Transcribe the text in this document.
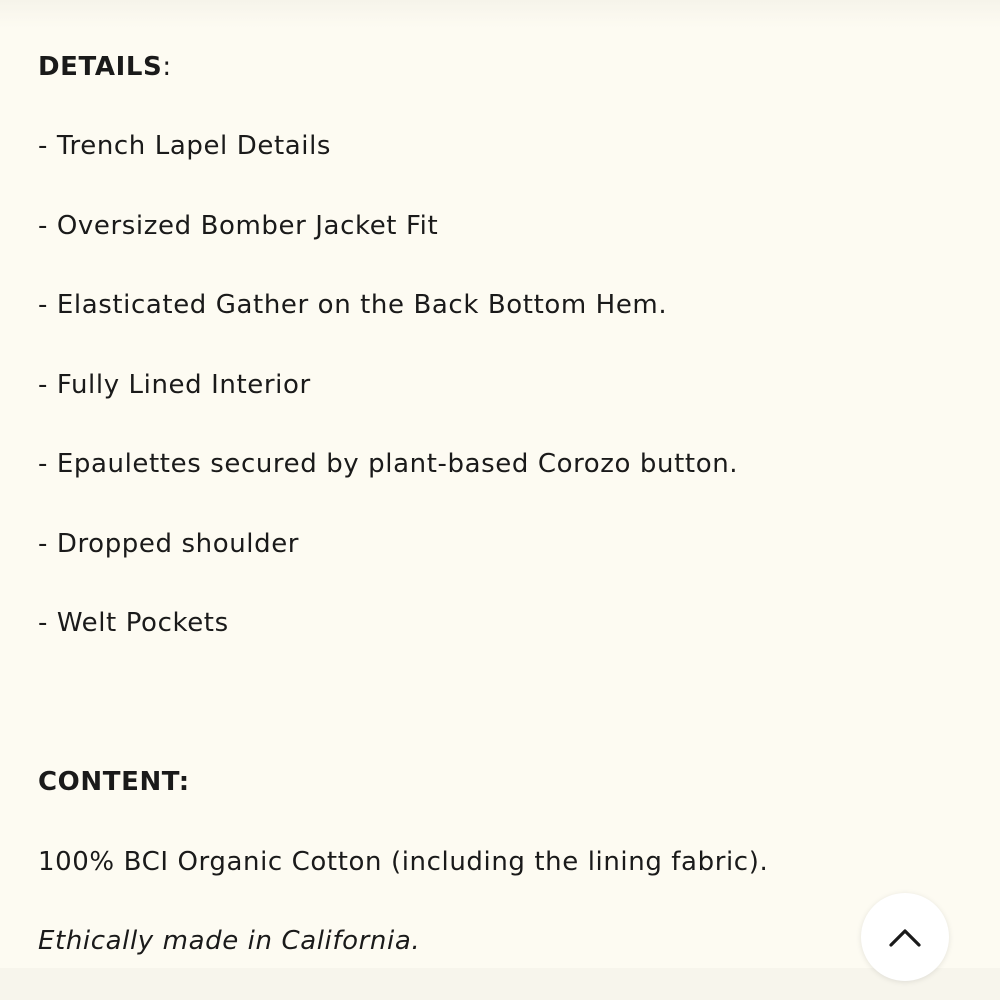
DETAILS:
- Trench Lapel Details
- Oversized Bomber Jacket Fit
- Elasticated Gather on the Back Bottom Hem.
- Fully Lined Interior
- Epaulettes secured by plant-based Corozo button.
- Dropped shoulder
- Welt Pockets
CONTENT:
100% BCI Organic Cotton (including the lining fabric).
Ethically made in California.
